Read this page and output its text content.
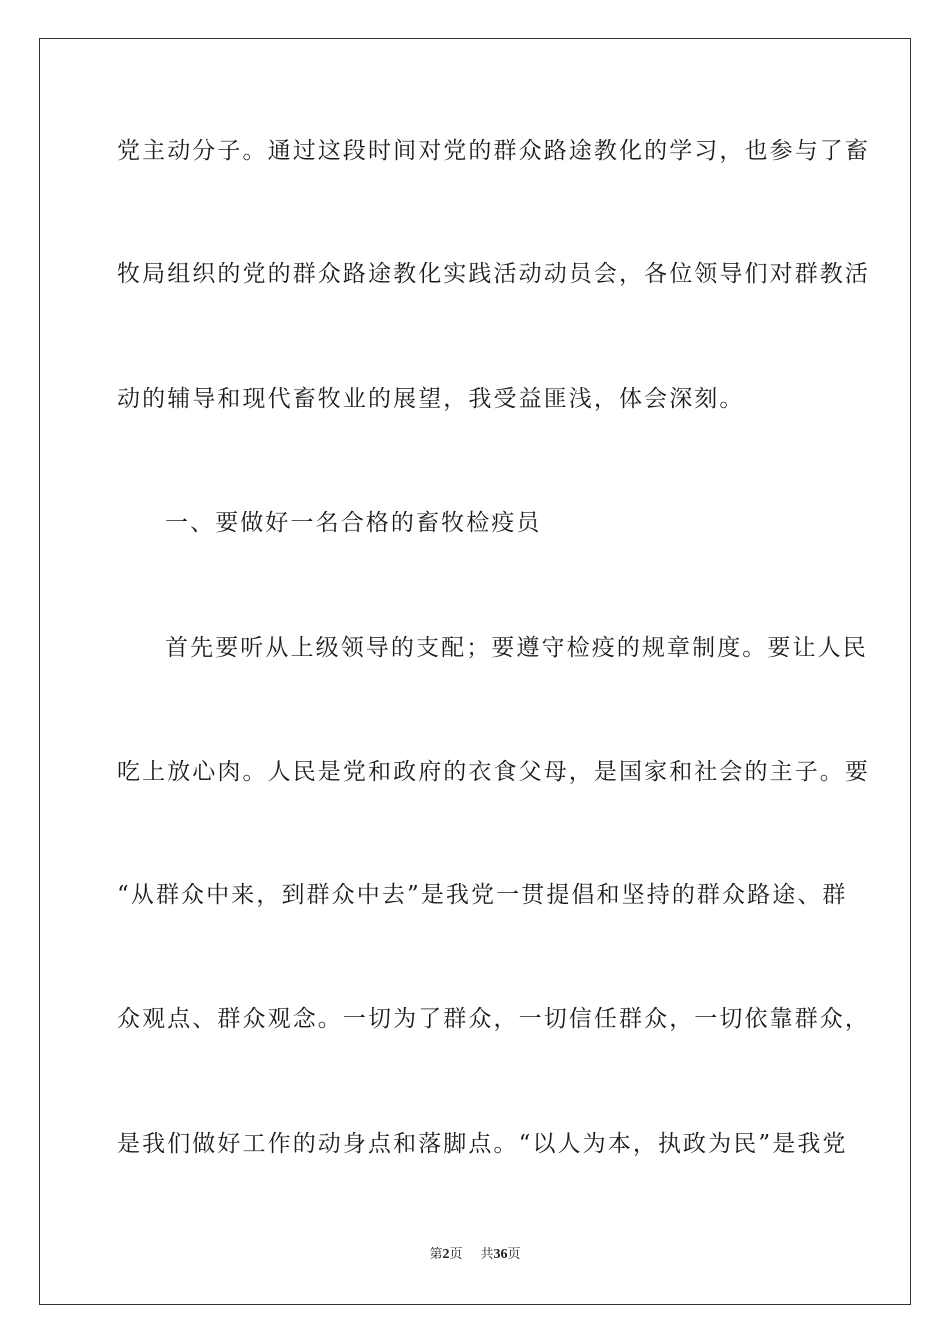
党主动分子。通过这段时间对党的群众路途教化的学习，也参与了畜
牧局组织的党的群众路途教化实践活动动员会，各位领导们对群教活
动的辅导和现代畜牧业的展望，我受益匪浅，体会深刻。
一、要做好一名合格的畜牧检疫员
首先要听从上级领导的支配；要遵守检疫的规章制度。要让人民
吃上放心肉。人民是党和政府的衣食父母，是国家和社会的主子。要
“从群众中来，到群众中去”是我党一贯提倡和坚持的群众路途、群
众观点、群众观念。一切为了群众，一切信任群众，一切依靠群众，
是我们做好工作的动身点和落脚点。“以人为本，执政为民”是我党
第2页 共36页
